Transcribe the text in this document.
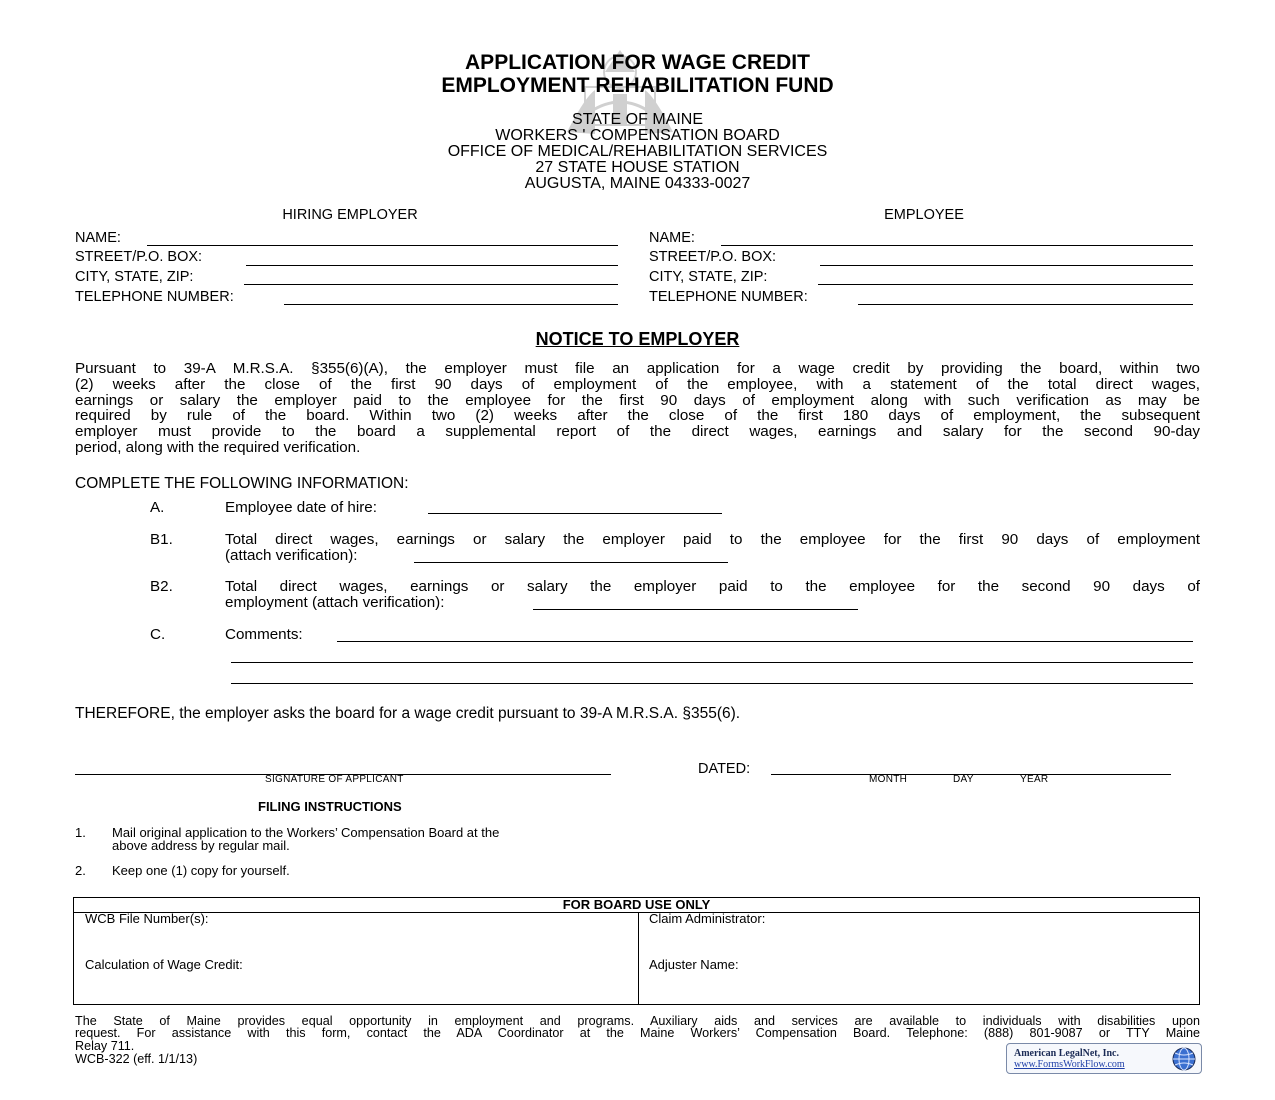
APPLICATION FOR WAGE CREDIT
EMPLOYMENT REHABILITATION FUND
STATE OF MAINE
WORKERS ' COMPENSATION BOARD
OFFICE OF MEDICAL/REHABILITATION SERVICES
27 STATE HOUSE STATION
AUGUSTA, MAINE 04333-0027
HIRING EMPLOYER
NAME:
STREET/P.O. BOX:
CITY, STATE, ZIP:
TELEPHONE NUMBER:
EMPLOYEE
NAME:
STREET/P.O. BOX:
CITY, STATE, ZIP:
TELEPHONE NUMBER:
NOTICE TO EMPLOYER
Pursuant to 39-A M.R.S.A. §355(6)(A), the employer must file an application for a wage credit by providing the board, within two
(2) weeks after the close of the first 90 days of employment of the employee, with a statement of the total direct wages,
earnings or salary the employer paid to the employee for the first 90 days of employment along with such verification as may be
required by rule of the board. Within two (2) weeks after the close of the first 180 days of employment, the subsequent
employer must provide to the board a supplemental report of the direct wages, earnings and salary for the second 90-day
period, along with the required verification.
COMPLETE THE FOLLOWING INFORMATION:
A.	Employee date of hire:
B1.	Total direct wages, earnings or salary the employer paid to the employee for the first 90 days of employment
(attach verification):
B2.	Total direct wages, earnings or salary the employer paid to the employee for the second 90 days of
employment (attach verification):
C.	Comments:
THEREFORE, the employer asks the board for a wage credit pursuant to 39-A M.R.S.A. §355(6).
SIGNATURE OF APPLICANT
DATED:
MONTH	DAY	YEAR
FILING INSTRUCTIONS
1. Mail original application to the Workers’ Compensation Board at the
above address by regular mail.
2. Keep one (1) copy for yourself.
FOR BOARD USE ONLY
WCB File Number(s):	Claim Administrator:
Calculation of Wage Credit:	Adjuster Name:
The State of Maine provides equal opportunity in employment and programs. Auxiliary aids and services are available to individuals with disabilities upon
request. For assistance with this form, contact the ADA Coordinator at the Maine Workers’ Compensation Board. Telephone: (888) 801-9087 or TTY Maine
Relay 711.
WCB-322 (eff. 1/1/13)	American LegalNet, Inc.
www.FormsWorkFlow.com
